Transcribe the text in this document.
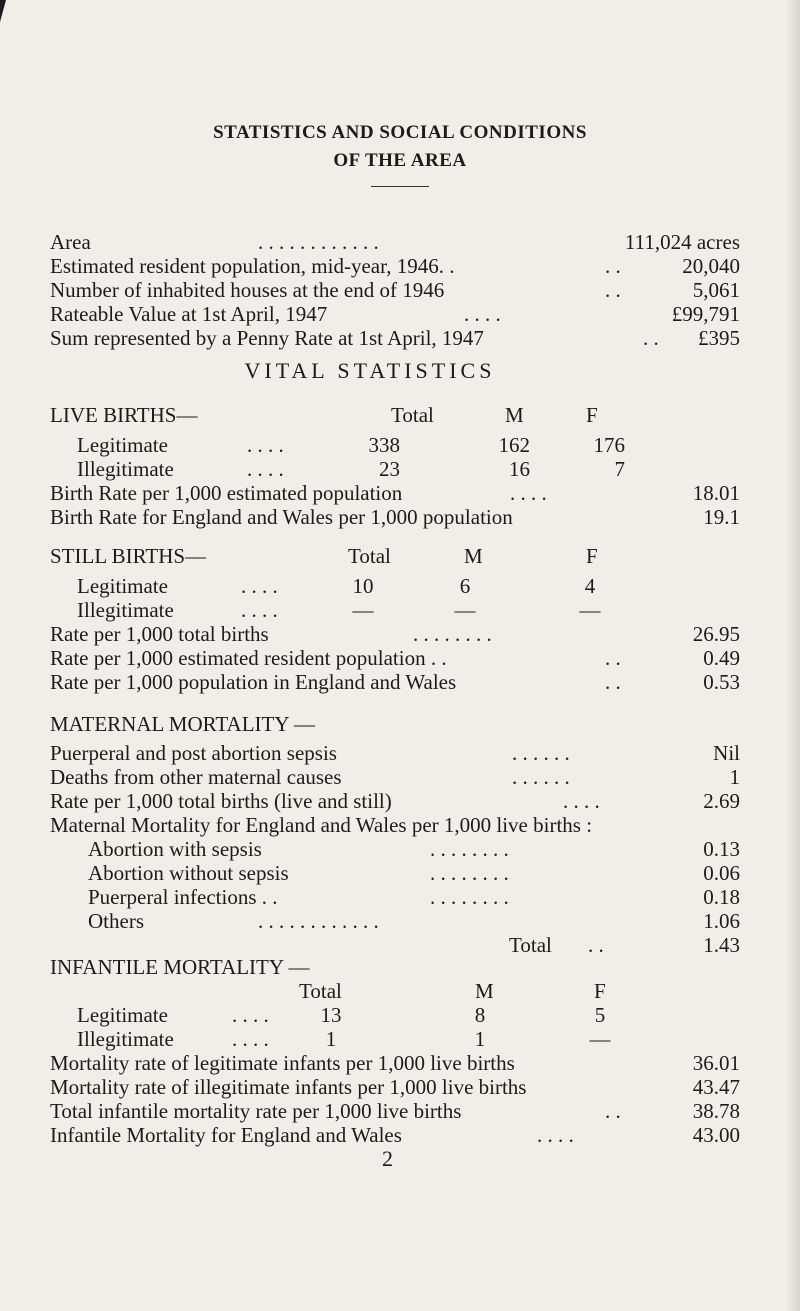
STATISTICS AND SOCIAL CONDITIONS
OF THE AREA
Area	. . . . . . . . . . . .	111,024 acres
Estimated resident population, mid-year, 1946. .	. .	20,040
Number of inhabited houses at the end of 1946	. .	5,061
Rateable Value at 1st April, 1947	. . . .	£99,791
Sum represented by a Penny Rate at 1st April, 1947	. .	£395
VITAL STATISTICS
LIVE BIRTHS—	Total	M	F
Legitimate	. . . .	338	162	176
Illegitimate	. . . .	23	16	7
Birth Rate per 1,000 estimated population	. . . .	18.01
Birth Rate for England and Wales per 1,000 population	19.1
STILL BIRTHS—	Total	M	F
Legitimate	. . . .	10	6	4
Illegitimate	. . . .	—	—	—
Rate per 1,000 total births	. . . . . . . .	26.95
Rate per 1,000 estimated resident population . .	. .	0.49
Rate per 1,000 population in England and Wales	. .	0.53
MATERNAL MORTALITY —
Puerperal and post abortion sepsis	. . . . . .	Nil
Deaths from other maternal causes	. . . . . .	1
Rate per 1,000 total births (live and still)	. . . .	2.69
Maternal Mortality for England and Wales per 1,000 live births :
Abortion with sepsis	. . . . . . . .	0.13
Abortion without sepsis	. . . . . . . .	0.06
Puerperal infections . .	. . . . . . . .	0.18
Others	. . . . . . . . . . . .	1.06
. .
Total	1.43
INFANTILE MORTALITY —
Total	M	F
Legitimate	. . . .	13	8	5
Illegitimate	. . . .	1	1	—
Mortality rate of legitimate infants per 1,000 live births	36.01
Mortality rate of illegitimate infants per 1,000 live births	43.47
Total infantile mortality rate per 1,000 live births	. .	38.78
Infantile Mortality for England and Wales	. . . .	43.00
2
